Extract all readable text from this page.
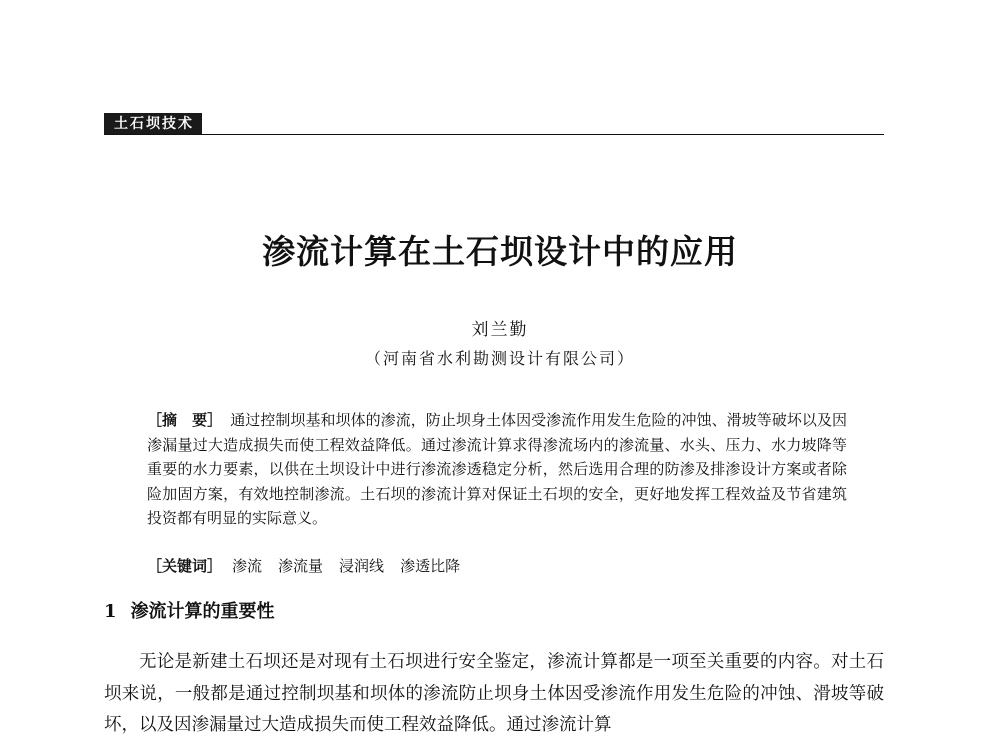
土石坝技术
渗流计算在土石坝设计中的应用
刘兰勤
（河南省水利勘测设计有限公司）
［摘　要］ 通过控制坝基和坝体的渗流，防止坝身土体因受渗流作用发生危险的冲蚀、滑坡等破坏以及因渗漏量过大造成损失而使工程效益降低。通过渗流计算求得渗流场内的渗流量、水头、压力、水力坡降等重要的水力要素，以供在土坝设计中进行渗流渗透稳定分析，然后选用合理的防渗及排渗设计方案或者除险加固方案，有效地控制渗流。土石坝的渗流计算对保证土石坝的安全，更好地发挥工程效益及节省建筑投资都有明显的实际意义。
［关键词］ 渗流 渗流量 浸润线 渗透比降
1 渗流计算的重要性

无论是新建土石坝还是对现有土石坝进行安全鉴定，渗流计算都是一项至关重要的内容。对土石坝来说，一般都是通过控制坝基和坝体的渗流防止坝身土体因受渗流作用发生危险的冲蚀、滑坡等破坏，以及因渗漏量过大造成损失而使工程效益降低。通过渗流计算
